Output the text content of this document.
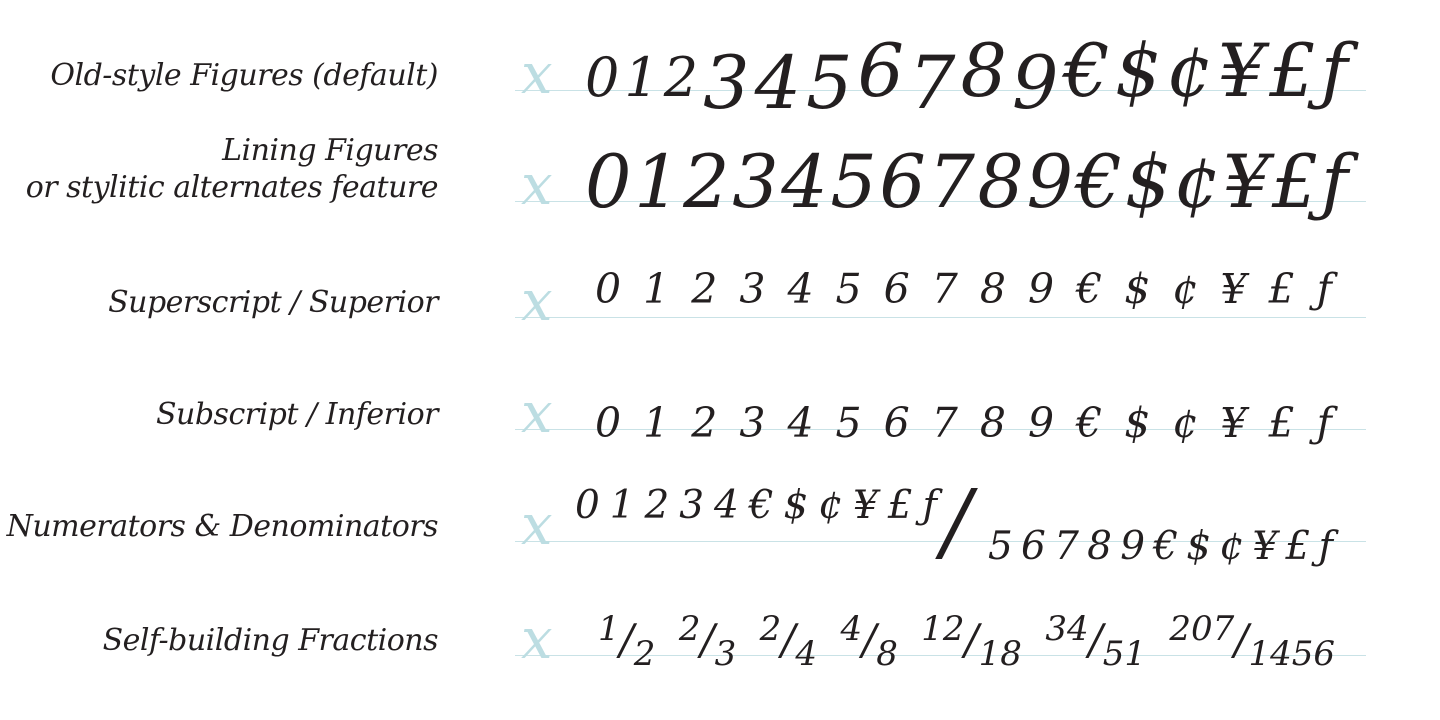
Old-style Figures (default) x 0 1 2 3 4 5 6 7 8 9 € $ ¢ ¥ £ ƒ
Lining Figures
or stylitic alternates feature x 0 1 2 3 4 5 6 7 8 9 € $ ¢ ¥ £ ƒ
Superscript / Superior x 0 1 2 3 4 5 6 7 8 9 € $ ¢ ¥ £ ƒ
Subscript / Inferior x 0 1 2 3 4 5 6 7 8 9 € $ ¢ ¥ £ ƒ
Numerators & Denominators x 0 1 2 3 4 € $ ¢ ¥ £ ƒ / 5 6 7 8 9 € $ ¢ ¥ £ ƒ
Self-building Fractions x 1 / 2
2 / 3
2 / 4
4 / 8
12 / 18
34 / 51
207 / 1456
